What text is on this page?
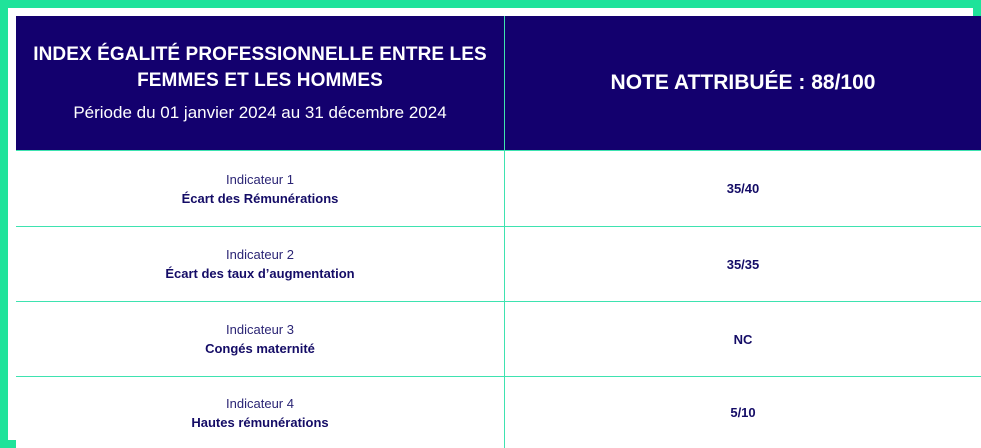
INDEX ÉGALITÉ PROFESSIONNELLE ENTRE LES
FEMMES ET LES HOMMES
Période du 01 janvier 2024 au 31 décembre 2024
NOTE ATTRIBUÉE : 88/100
Indicateur 1
Écart des Rémunérations
35/40
Indicateur 2
Écart des taux d’augmentation
35/35
Indicateur 3
Congés maternité
NC
Indicateur 4
Hautes rémunérations
5/10
